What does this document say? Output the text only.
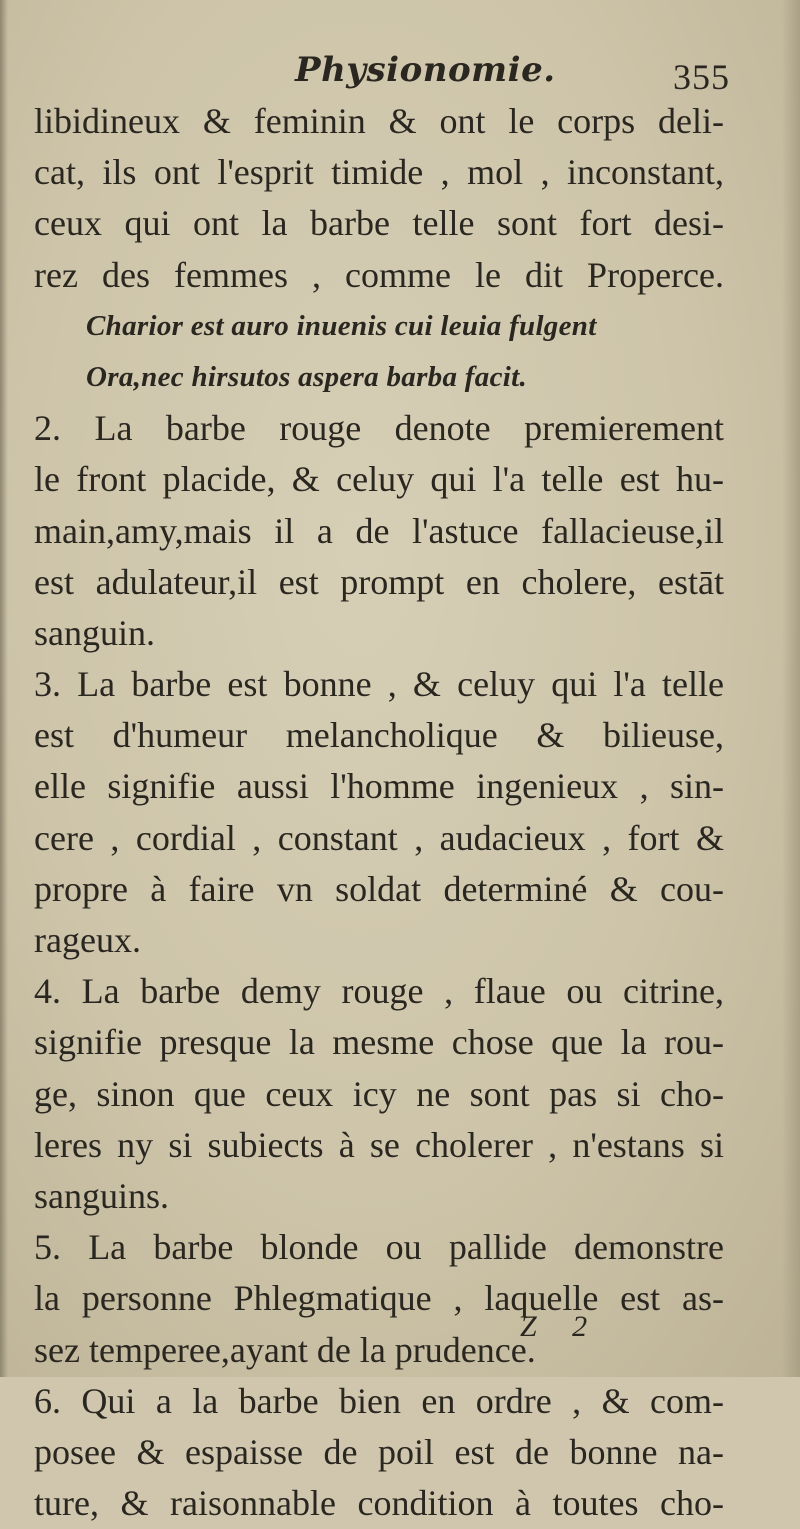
Physionomie.	355
libidineux & feminin & ont le corps deli-
cat, ils ont l'esprit timide , mol , inconstant,
ceux qui ont la barbe telle sont fort desi-
rez des femmes , comme le dit Properce.
Charior est auro inuenis cui leuia fulgent
Ora,nec hirsutos aspera barba facit.
2. La barbe rouge denote premierement
le front placide, & celuy qui l'a telle est hu-
main,amy,mais il a de l'astuce fallacieuse,il
est adulateur,il est prompt en cholere, estāt
sanguin.
3. La barbe est bonne , & celuy qui l'a telle
est d'humeur melancholique & bilieuse,
elle signifie aussi l'homme ingenieux , sin-
cere , cordial , constant , audacieux , fort &
propre à faire vn soldat determiné & cou-
rageux.
4. La barbe demy rouge , flaue ou citrine,
signifie presque la mesme chose que la rou-
ge, sinon que ceux icy ne sont pas si cho-
leres ny si subiects à se cholerer , n'estans si
sanguins.
5. La barbe blonde ou pallide demonstre
la personne Phlegmatique , laquelle est as-
sez temperee,ayant de la prudence.
6. Qui a la barbe bien en ordre , & com-
posee & espaisse de poil est de bonne na-
ture, & raisonnable condition à toutes cho-
Z 2
